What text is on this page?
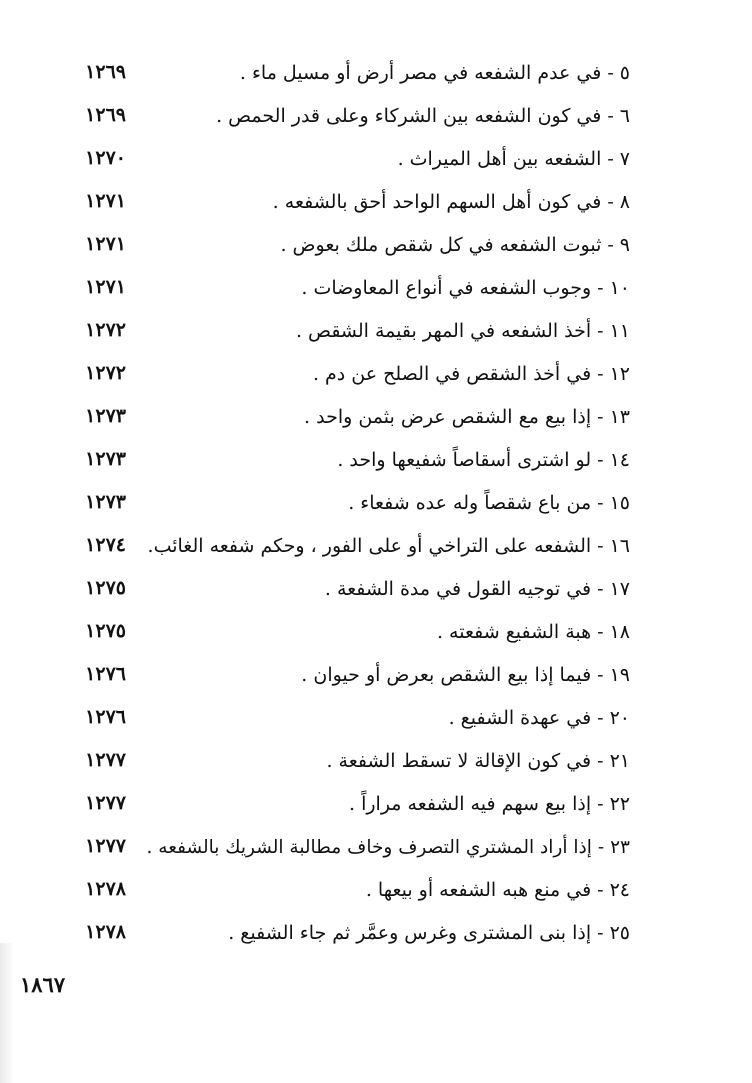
٥-في عدم الشفعه في مصر أرض أو مسيل ماء .
١٢٦٩
٦-في كون الشفعه بين الشركاء وعلى قدر الحمص .
١٢٦٩
٧-الشفعه بين أهل الميراث .
١٢٧٠
٨-في كون أهل السهم الواحد أحق بالشفعه .
١٢٧١
٩-ثبوت الشفعه في كل شقص ملك بعوض .
١٢٧١
١٠-وجوب الشفعه في أنواع المعاوضات .
١٢٧١
١١-أخذ الشفعه في المهر بقيمة الشقص .
١٢٧٢
١٢-في أخذ الشقص في الصلح عن دم .
١٢٧٢
١٣-إذا بيع مع الشقص عرض بثمن واحد .
١٢٧٣
١٤-لو اشترى أسقاصاً شفيعها واحد .
١٢٧٣
١٥-من باع شقصاً وله عده شفعاء .
١٢٧٣
١٦-الشفعه على التراخي أو على الفور ، وحكم شفعه الغائب.
١٢٧٤
١٧-في توجيه القول في مدة الشفعة .
١٢٧٥
١٨-هبة الشفيع شفعته .
١٢٧٥
١٩-فيما إذا بيع الشقص بعرض أو حيوان .
١٢٧٦
٢٠-في عهدة الشفيع .
١٢٧٦
٢١-في كون الإقالة لا تسقط الشفعة .
١٢٧٧
٢٢-إذا بيع سهم فيه الشفعه مراراً .
١٢٧٧
٢٣-إذا أراد المشتري التصرف وخاف مطالبة الشريك بالشفعه .
١٢٧٧
٢٤-في منع هبه الشفعه أو بيعها .
١٢٧٨
٢٥-إذا بنى المشترى وغرس وعمَّر ثم جاء الشفيع .
١٢٧٨
١٨٦٧
